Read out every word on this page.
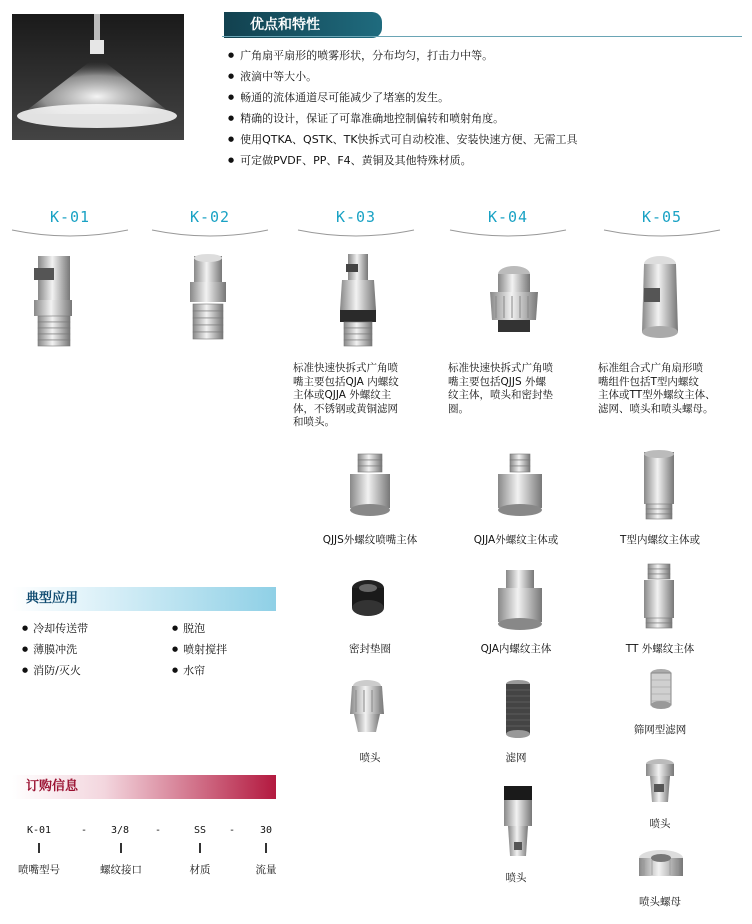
优点和特性
● 广角扇平扇形的喷雾形状，分布均匀，打击力中等。
● 液滴中等大小。
● 畅通的流体通道尽可能减少了堵塞的发生。
● 精确的设计，保证了可靠准确地控制偏转和喷射角度。
● 使用QTKA、QSTK、TK快拆式可自动校准、安装快速方便、无需工具
● 可定做PVDF、PP、F4、黄铜及其他特殊材质。
K-01	K-02	K-03	K-04	K-05
标准快速快拆式广角喷
嘴主要包括QJA 内螺纹
主体或QJJA 外螺纹主
体，不锈钢或黄铜滤网
和喷头。
标准快速快拆式广角喷
嘴主要包括QJJS 外螺
纹主体，喷头和密封垫
圈。
标准组合式广角扇形喷
嘴组件包括T型内螺纹
主体或TT型外螺纹主体、
滤网、喷头和喷头螺母。
QJJS外螺纹喷嘴主体
密封垫圈
喷头
QJJA外螺纹主体或
QJA内螺纹主体
滤网
喷头
T型内螺纹主体或
TT 外螺纹主体
筛网型滤网
喷头
喷头螺母
典型应用
● 冷却传送带
● 薄膜冲洗
● 消防/灭火
● 脱泡
● 喷射搅拌
● 水帘
订购信息
K-01	-	3/8	-	SS	-	30
喷嘴型号	螺纹接口	材质	流量
